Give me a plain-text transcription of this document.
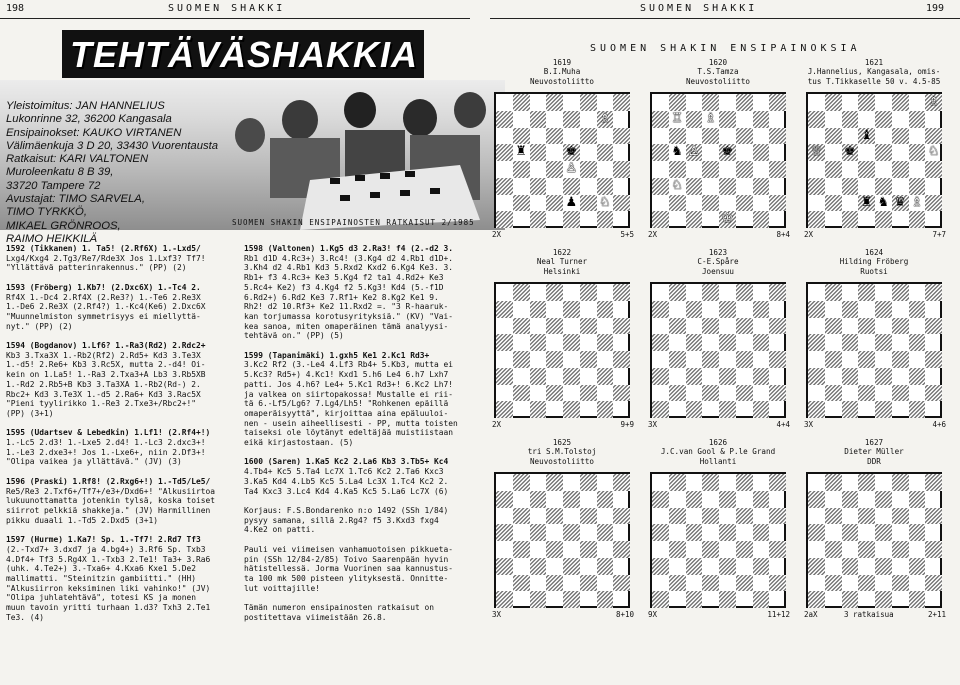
198	SUOMEN SHAKKI	SUOMEN SHAKKI	199
TEHTÄVÄSHAKKIA
Yleistoimitus: JAN HANNELIUS
Lukonrinne 32, 36200 Kangasala
Ensipainokset: KAUKO VIRTANEN
Välimäenkuja 3 D 20, 33430 Vuorentausta
Ratkaisut: KARI VALTONEN
Muroleenkatu 8 B 39,
33720 Tampere 72
Avustajat: TIMO SARVELA,
TIMO TYRKKÖ,
MIKAEL GRÖNROOS,
RAIMO HEIKKILÄ
SUOMEN SHAKIN ENSIPAINOSTEN RATKAISUT 2/1985
1592 (Tikkanen) 1. Ta5! (2.Rf6X) 1.-Lxd5/
Lxg4/Kxg4 2.Tg3/Re7/Rde3X Jos 1.Lxf3? Tf7!
"Yllättävä patterinrakennus." (PP) (2)

1593 (Fröberg) 1.Kb7! (2.Dxc6X) 1.-Tc4 2.
Rf4X 1.-Dc4 2.Rf4X (2.Re3?) 1.-Te6 2.Re3X
1.-De6 2.Re3X (2.Rf4?) 1.-Kc4(Ke6) 2.Dxc6X
"Muunnelmiston symmetrisyys ei miellyttä-
nyt." (PP) (2)

1594 (Bogdanov) 1.Lf6? 1.-Ra3(Rd2) 2.Rdc2+
Kb3 3.Txa3X 1.-Rb2(Rf2) 2.Rd5+ Kd3 3.Te3X
1.-d5! 2.Re6+ Kb3 3.Rc5X, mutta 2.-d4! Oi-
kein on 1.La5! 1.-Ra3 2.Txa3+A Lb3 3.Rb5XB
1.-Rd2 2.Rb5+B Kb3 3.Ta3XA 1.-Rb2(Rd-) 2.
Rbc2+ Kd3 3.Te3X 1.-d5 2.Ra6+ Kd3 3.Rac5X
"Pieni tyylirikko 1.-Re3 2.Txe3+/Rbc2+!"
(PP) (3+1)

1595 (Udartsev & Lebedkin) 1.Lf1! (2.Rf4+!)
1.-Lc5 2.d3! 1.-Lxe5 2.d4! 1.-Lc3 2.dxc3+!
1.-Le3 2.dxe3+! Jos 1.-Lxe6+, niin 2.Df3+!
"Olipa vaikea ja yllättävä." (JV) (3)

1596 (Praski) 1.Rf8! (2.Rxg6+!) 1.-Td5/Le5/
Re5/Re3 2.Txf6+/Tf7+/e3+/Dxd6+! "Alkusiirtoa
lukuunottamatta jotenkin tylsä, koska toiset
siirrot pelkkiä shakkeja." (JV) Harmillinen
pikku duaali 1.-Td5 2.Dxd5 (3+1)

1597 (Hurme) 1.Ka7! Sp. 1.-Tf7! 2.Rd7 Tf3
(2.-Txd7+ 3.dxd7 ja 4.bg4+) 3.Rf6 Sp. Txb3
4.Df4+ Tf3 5.Rg4X 1.-Txb3 2.Te1! Ta3+ 3.Ra6
(uhk. 4.Te2+) 3.-Txa6+ 4.Kxa6 Kxe1 5.De2
mallimatti. "Steinitzin gambiitti." (HH)
"Alkusiirron keksiminen liki vahinko!" (JV)
"Olipa juhlatehtävä", totesi KS ja monen
muun tavoin yritti turhaan 1.d3? Txh3 2.Te1
Te3. (4)
1598 (Valtonen) 1.Kg5 d3 2.Ra3! f4 (2.-d2 3.
Rb1 d1D 4.Rc3+) 3.Rc4! (3.Kg4 d2 4.Rb1 d1D+.
3.Kh4 d2 4.Rb1 Kd3 5.Rxd2 Kxd2 6.Kg4 Ke3. 3.
Rb1+ f3 4.Rc3+ Ke3 5.Kg4 f2 ta1 4.Rd2+ Ke3
5.Rc4+ Ke2) f3 4.Kg4 f2 5.Kg3! Kd4 (5.-f1D
6.Rd2+) 6.Rd2 Ke3 7.Rf1+ Ke2 8.Kg2 Ke1 9.
Rh2! d2 10.Rf3+ Ke2 11.Rxd2 =. "3 R-haaruk-
kan torjumassa korotusyrityksiä." (KV) "Vai-
kea sanoa, miten omaperäinen tämä analyysi-
tehtävä on." (PP) (5)

1599 (Tapanimäki) 1.gxh5 Ke1 2.Kc1 Rd3+
3.Kc2 Rf2 (3.-Le4 4.Lf3 Rb4+ 5.Kb3, mutta ei
5.Kc3? Rd5+) 4.Kc1! Kxd1 5.h6 Le4 6.h7 Lxh7
patti. Jos 4.h6? Le4+ 5.Kc1 Rd3+! 6.Kc2 Lh7!
ja valkea on siirtopakossa! Mustalle ei rii-
tä 6.-Lf5/Lg6? 7.Lg4/Lh5! "Rohkenen epäillä
omaperäisyyttä", kirjoittaa aina epäluuloi-
nen - usein aiheellisesti - PP, mutta toisten
taiseksi ole löytänyt edeltäjää muistiistaan
eikä kirjastostaan. (5)

1600 (Saren) 1.Ka5 Kc2 2.La6 Kb3 3.Tb5+ Kc4
4.Tb4+ Kc5 5.Ta4 Lc7X 1.Tc6 Kc2 2.Ta6 Kxc3
3.Ka5 Kd4 4.Lb5 Kc5 5.La4 Lc3X 1.Tc4 Kc2 2.
Ta4 Kxc3 3.Lc4 Kd4 4.Ka5 Kc5 5.La6 Lc7X (6)

Korjaus: F.S.Bondarenko n:o 1492 (SSh 1/84)
pysyy samana, sillä 2.Rg4? f5 3.Kxd3 fxg4
4.Ke2 on patti.

Pauli vei viimeisen vanhamuotoisen pikkueta-
pin (SSh 12/84-2/85) Toivo Saarenpään hyvin
hätistellessä. Jorma Vuorinen saa kannustus-
ta 100 mk 500 pisteen ylityksestä. Onnitte-
lut voittajille!

Tämän numeron ensipainosten ratkaisut on
postitettava viimeistään 26.8.
SUOMEN SHAKIN ENSIPAINOKSIA
1619
B.I.Muha
Neuvostoliitto
♗
♜	♚
♙
♟ ♘
2X	5+5
1620
T.S.Tamza
Neuvostoliitto
♖ ♗
♞ ♙ ♚
♘
♔
2X	8+4
1621
J.Hannelius, Kangasala, omis-
tus T.Tikkaselle 50 v. 4.5-85
♗
♝
♕ ♚	♘
♜ ♞ ♛ ♗
2X	7+7
1622
Neal Turner
Helsinki
2X	9+9
1623
C-E.Spåre
Joensuu
3X	4+4
1624
Hilding Fröberg
Ruotsi
3X	4+6
1625
tri S.M.Tolstoj
Neuvostoliitto
3X	8+10
1626
J.C.van Gool & P.le Grand
Hollanti
9X	11+12
1627
Dieter Müller
DDR
2aX	3 ratkaisua	2+11
